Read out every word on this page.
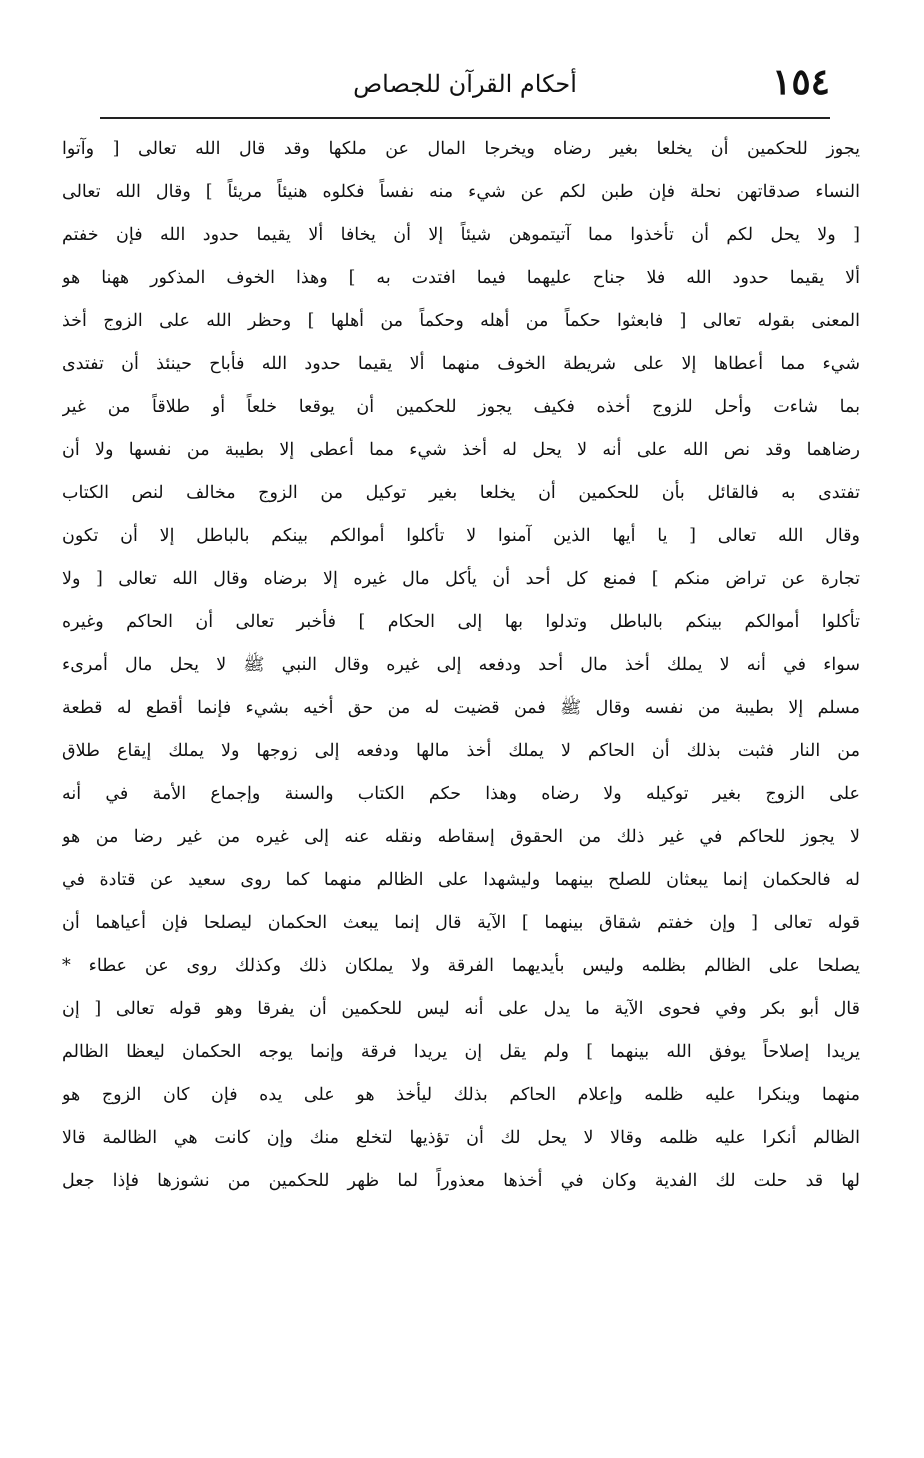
١٥٤
أحكام القرآن للجصاص
يجوز للحكمين أن يخلعا بغير رضاه ويخرجا المال عن ملكها وقد قال الله تعالى [ وآتوا
النساء صدقاتهن نحلة فإن طبن لكم عن شيء منه نفساً فكلوه هنيئاً مريئاً ] وقال الله تعالى
[ ولا يحل لكم أن تأخذوا مما آتيتموهن شيئاً إلا أن يخافا ألا يقيما حدود الله فإن خفتم
ألا يقيما حدود الله فلا جناح عليهما فيما افتدت به ] وهذا الخوف المذكور ههنا هو
المعنى بقوله تعالى [ فابعثوا حكماً من أهله وحكماً من أهلها ] وحظر الله على الزوج أخذ
شيء مما أعطاها إلا على شريطة الخوف منهما ألا يقيما حدود الله فأباح حينئذ أن تفتدى
بما شاءت وأحل للزوج أخذه فكيف يجوز للحكمين أن يوقعا خلعاً أو طلاقاً من غير
رضاهما وقد نص الله على أنه لا يحل له أخذ شيء مما أعطى إلا بطيبة من نفسها ولا أن
تفتدى به فالقائل بأن للحكمين أن يخلعا بغير توكيل من الزوج مخالف لنص الكتاب
وقال الله تعالى [ يا أيها الذين آمنوا لا تأكلوا أموالكم بينكم بالباطل إلا أن تكون
تجارة عن تراض منكم ] فمنع كل أحد أن يأكل مال غيره إلا برضاه وقال الله تعالى [ ولا
تأكلوا أموالكم بينكم بالباطل وتدلوا بها إلى الحكام ] فأخبر تعالى أن الحاكم وغيره
سواء في أنه لا يملك أخذ مال أحد ودفعه إلى غيره وقال النبي ﷺ لا يحل مال أمرىء
مسلم إلا بطيبة من نفسه وقال ﷺ فمن قضيت له من حق أخيه بشيء فإنما أقطع له قطعة
من النار فثبت بذلك أن الحاكم لا يملك أخذ مالها ودفعه إلى زوجها ولا يملك إيقاع طلاق
على الزوج بغير توكيله ولا رضاه وهذا حكم الكتاب والسنة وإجماع الأمة في أنه
لا يجوز للحاكم في غير ذلك من الحقوق إسقاطه ونقله عنه إلى غيره من غير رضا من هو
له فالحكمان إنما يبعثان للصلح بينهما وليشهدا على الظالم منهما كما روى سعيد عن قتادة في
قوله تعالى [ وإن خفتم شقاق بينهما ] الآية قال إنما يبعث الحكمان ليصلحا فإن أعياهما أن
يصلحا على الظالم بظلمه وليس بأيديهما الفرقة ولا يملكان ذلك وكذلك روى عن عطاء *
قال أبو بكر وفي فحوى الآية ما يدل على أنه ليس للحكمين أن يفرقا وهو قوله تعالى [ إن
يريدا إصلاحاً يوفق الله بينهما ] ولم يقل إن يريدا فرقة وإنما يوجه الحكمان ليعظا الظالم
منهما وينكرا عليه ظلمه وإعلام الحاكم بذلك ليأخذ هو على يده فإن كان الزوج هو
الظالم أنكرا عليه ظلمه وقالا لا يحل لك أن تؤذيها لتخلع منك وإن كانت هي الظالمة قالا
لها قد حلت لك الفدية وكان في أخذها معذوراً لما ظهر للحكمين من نشوزها فإذا جعل
